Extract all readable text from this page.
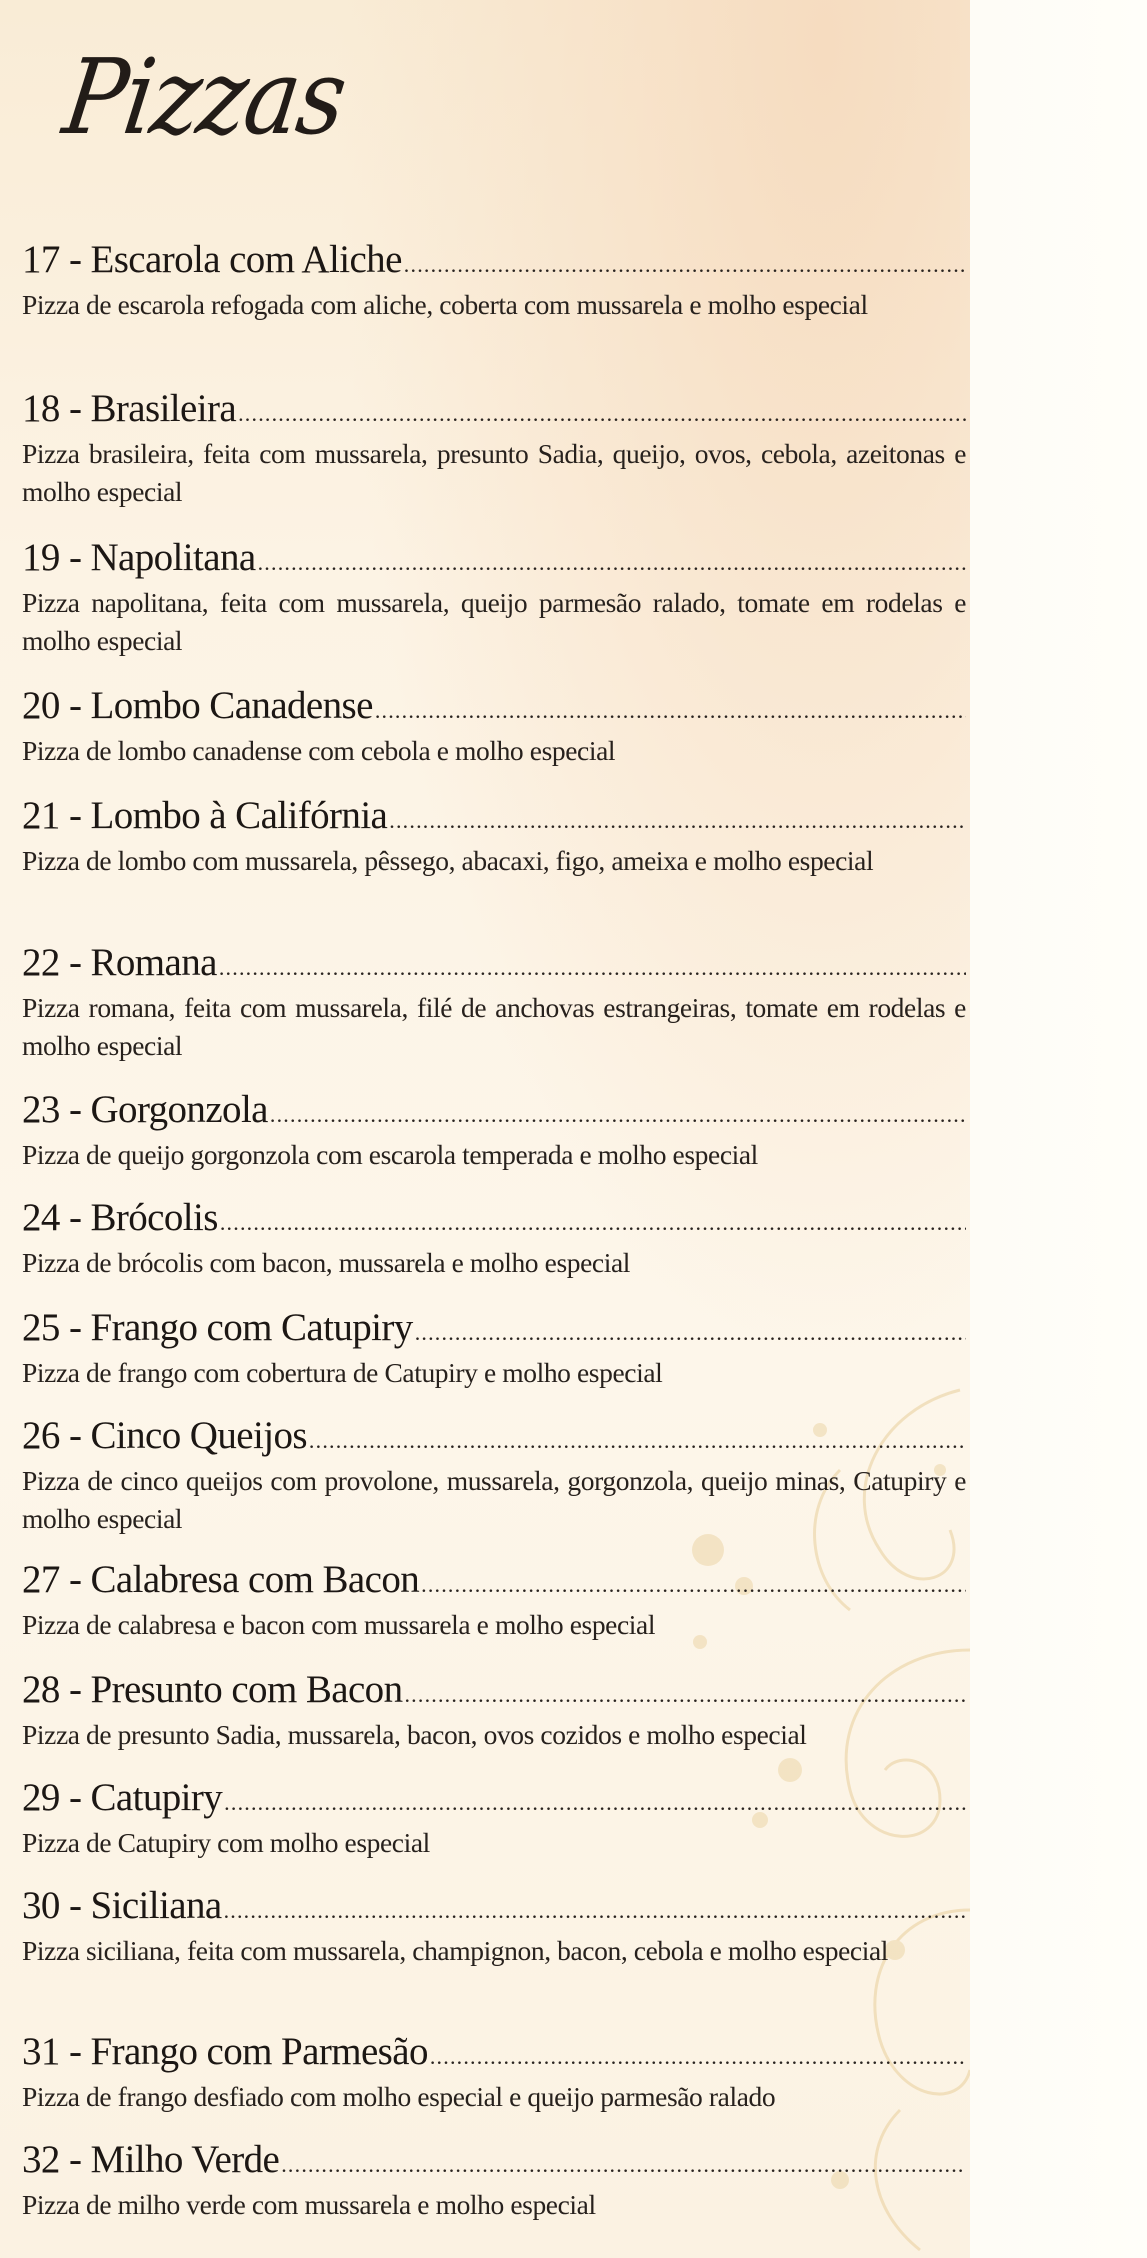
Pizzas
17 - Escarola com Aliche
.....

Pizza de escarola refogada com aliche, coberta com mussarela e molho especial

18 - Brasileira
.....

Pizza brasileira, feita com mussarela, presunto Sadia, queijo, ovos, cebola, azeitonas e molho especial

19 - Napolitana
.....

Pizza napolitana, feita com mussarela, queijo parmesão ralado, tomate em rodelas e molho especial

20 - Lombo Canadense
.....

Pizza de lombo canadense com cebola e molho especial

21 - Lombo à Califórnia
.....

Pizza de lombo com mussarela, pêssego, abacaxi, figo, ameixa e molho especial

22 - Romana
.....

Pizza romana, feita com mussarela, filé de anchovas estrangeiras, tomate em rodelas e molho especial

23 - Gorgonzola
.....

Pizza de queijo gorgonzola com escarola temperada e molho especial

24 - Brócolis
.....

Pizza de brócolis com bacon, mussarela e molho especial

25 - Frango com Catupiry
.....

Pizza de frango com cobertura de Catupiry e molho especial

26 - Cinco Queijos
.....

Pizza de cinco queijos com provolone, mussarela, gorgonzola, queijo minas, Catupiry e molho especial

27 - Calabresa com Bacon
.....

Pizza de calabresa e bacon com mussarela e molho especial

28 - Presunto com Bacon
.....

Pizza de presunto Sadia, mussarela, bacon, ovos cozidos e molho especial

29 - Catupiry
.....

Pizza de Catupiry com molho especial

30 - Siciliana
.....

Pizza siciliana, feita com mussarela, champignon, bacon, cebola e molho especial

31 - Frango com Parmesão
.....

Pizza de frango desfiado com molho especial e queijo parmesão ralado

32 - Milho Verde
.....

Pizza de milho verde com mussarela e molho especial
